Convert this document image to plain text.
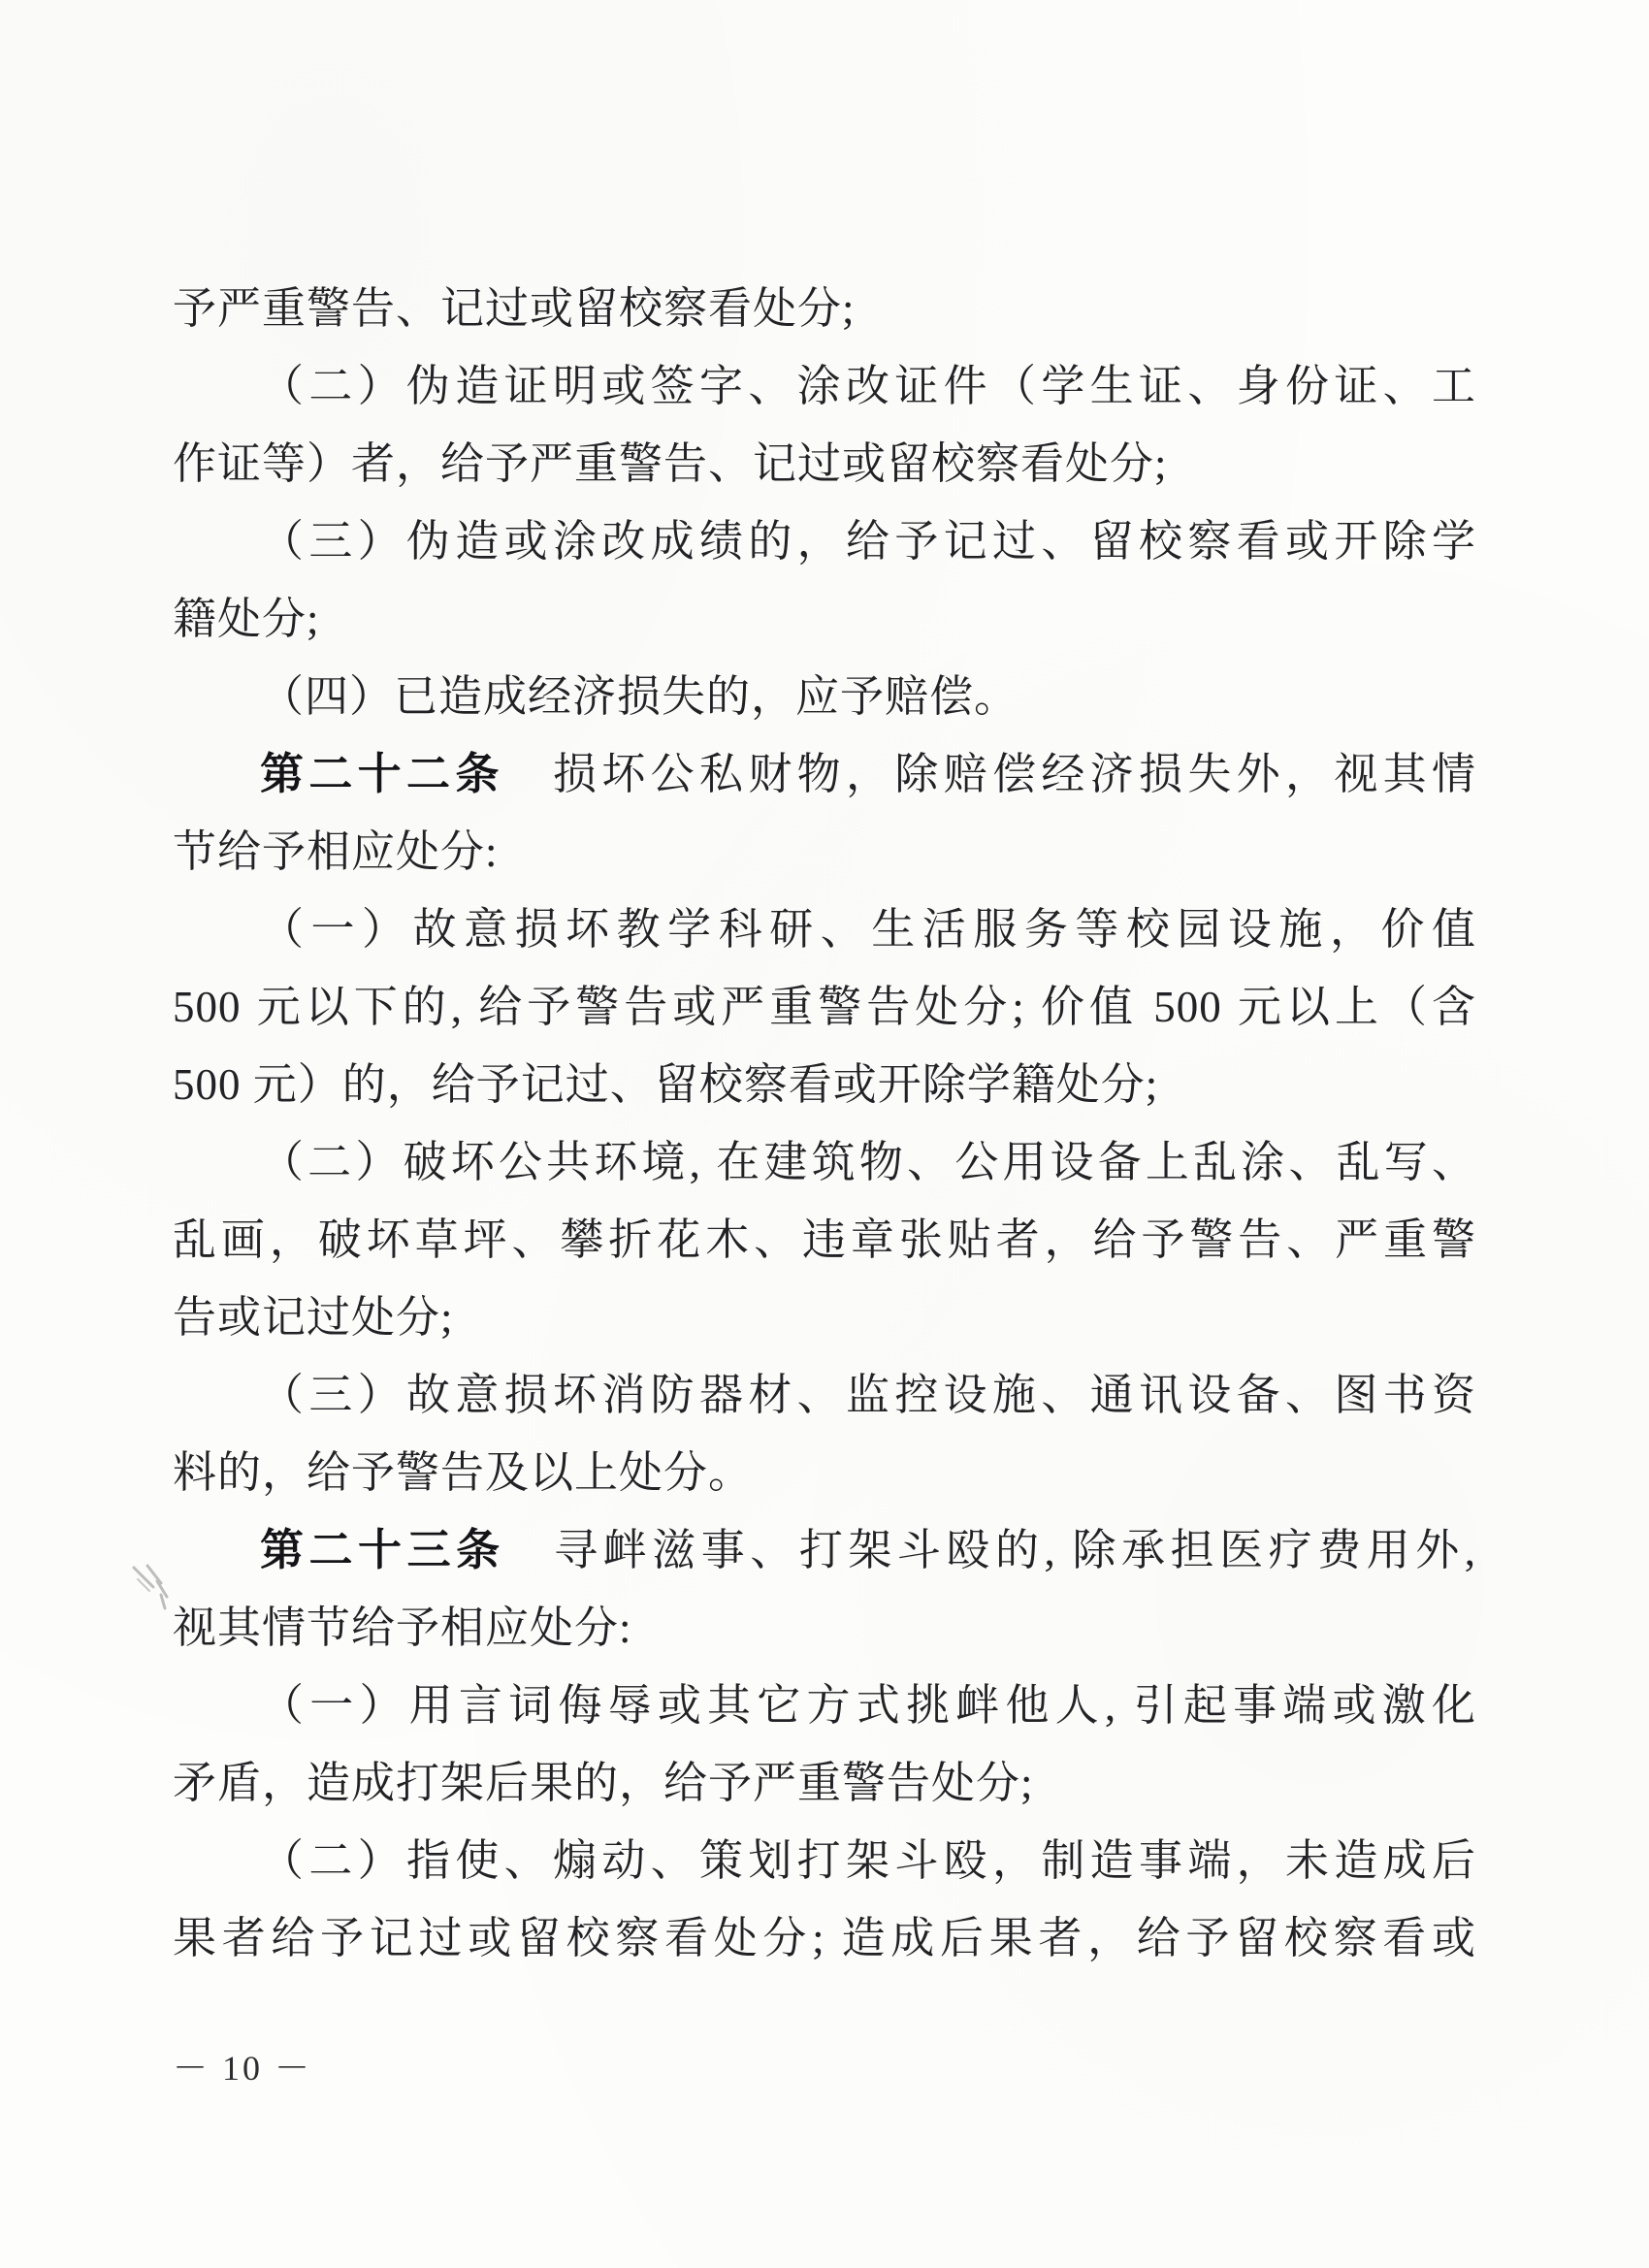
予严重警告、记过或留校察看处分;
（二）伪造证明或签字、涂改证件（学生证、身份证、工
作证等）者，给予严重警告、记过或留校察看处分;
（三）伪造或涂改成绩的，给予记过、留校察看或开除学
籍处分;
（四）已造成经济损失的，应予赔偿。
第二十二条　损坏公私财物，除赔偿经济损失外，视其情
节给予相应处分:
（一）故意损坏教学科研、生活服务等校园设施，价值
500 元以下的, 给予警告或严重警告处分; 价值 500 元以上（含
500 元）的，给予记过、留校察看或开除学籍处分;
（二）破坏公共环境, 在建筑物、公用设备上乱涂、乱写、
乱画，破坏草坪、攀折花木、违章张贴者，给予警告、严重警
告或记过处分;
（三）故意损坏消防器材、监控设施、通讯设备、图书资
料的，给予警告及以上处分。
第二十三条　寻衅滋事、打架斗殴的, 除承担医疗费用外,
视其情节给予相应处分:
（一）用言词侮辱或其它方式挑衅他人, 引起事端或激化
矛盾，造成打架后果的，给予严重警告处分;
（二）指使、煽动、策划打架斗殴，制造事端，未造成后
果者给予记过或留校察看处分; 造成后果者，给予留校察看或
－ 10 －
